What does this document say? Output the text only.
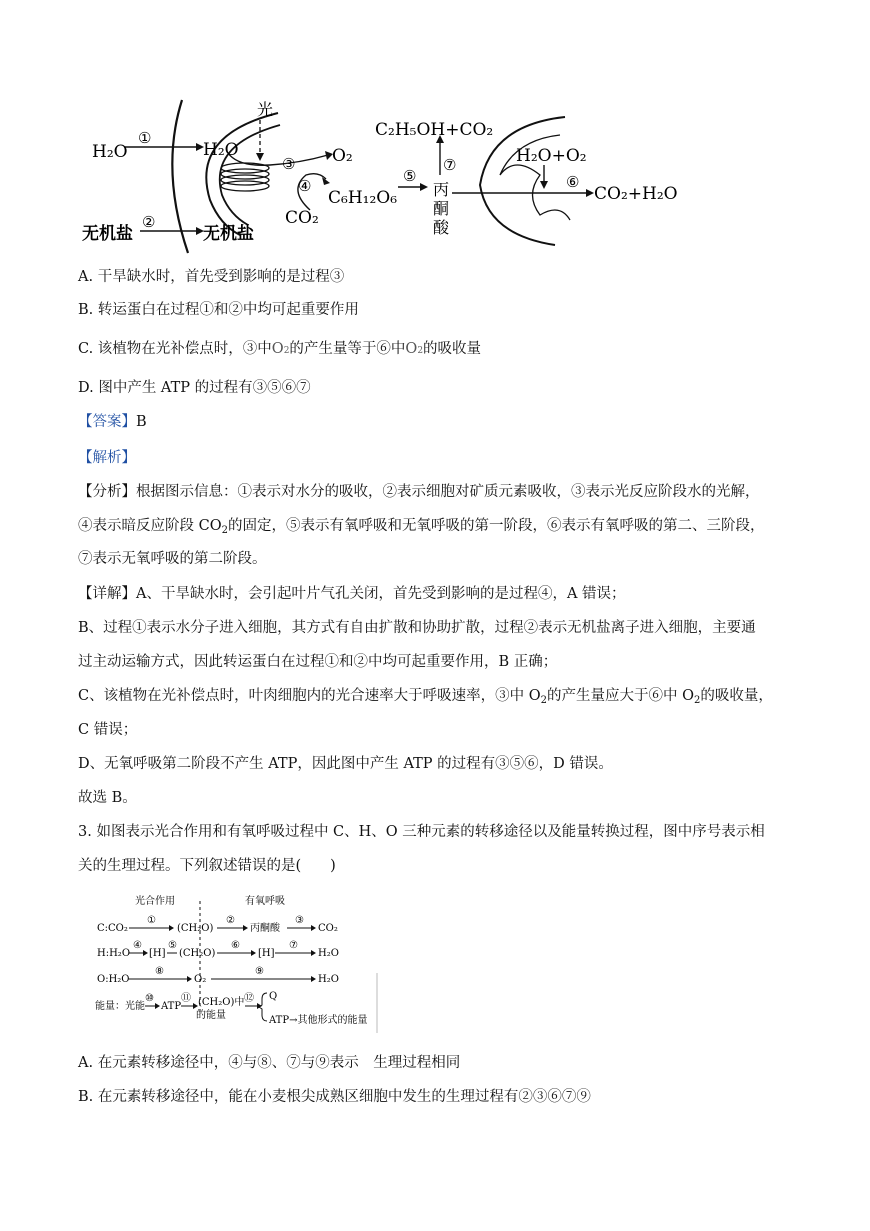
H₂O
①
H₂O
光
③ O₂
④
C₆H₁₂O₆
CO₂
⑤
C₂H₅OH+CO₂
⑦
丙
酮
酸
H₂O+O₂
⑥
CO₂+H₂O
②
无机盐	无机盐
A. 干旱缺水时，首先受到影响的是过程③
B. 转运蛋白在过程①和②中均可起重要作用
C. 该植物在光补偿点时，③中O2的产生量等于⑥中O2的吸收量
D. 图中产生 ATP 的过程有③⑤⑥⑦
【答案】B
【解析】
【分析】根据图示信息：①表示对水分的吸收，②表示细胞对矿质元素吸收，③表示光反应阶段水的光解，
④表示暗反应阶段 $CO_2$的固定，⑤表示有氧呼吸和无氧呼吸的第一阶段，⑥表示有氧呼吸的第二、三阶段，
⑦表示无氧呼吸的第二阶段。
【详解】A、干旱缺水时，会引起叶片气孔关闭，首先受到影响的是过程④，A 错误；
B、过程①表示水分子进入细胞，其方式有自由扩散和协助扩散，过程②表示无机盐离子进入细胞，主要通
过主动运输方式，因此转运蛋白在过程①和②中均可起重要作用，B 正确；
C、该植物在光补偿点时，叶肉细胞内的光合速率大于呼吸速率，③中 $O_2$的产生量应大于⑥中 $O_2$的吸收量，
C 错误；
D、无氧呼吸第二阶段不产生 ATP，因此图中产生 ATP 的过程有③⑤⑥，D 错误。
故选 B。
3. 如图表示光合作用和有氧呼吸过程中 C、H、O 三种元素的转移途径以及能量转换过程，图中序号表示相
关的生理过程。下列叙述错误的是(　　)
光合作用	有氧呼吸
C:CO₂
①
(CH₂O)
②
丙酮酸
③
CO₂
H:H₂O
④
[H]
⑤
(CH₂O)
⑥
[H]
⑦
H₂O
O:H₂O
⑧
O₂
⑨
H₂O
能量：光能
⑩
ATP
⑪ (CH₂O)中
的能量
⑫ Q
ATP→其他形式的能量
A. 在元素转移途径中，④与⑧、⑦与⑨表示　生理过程相同
B. 在元素转移途径中，能在小麦根尖成熟区细胞中发生的生理过程有②③⑥⑦⑨
